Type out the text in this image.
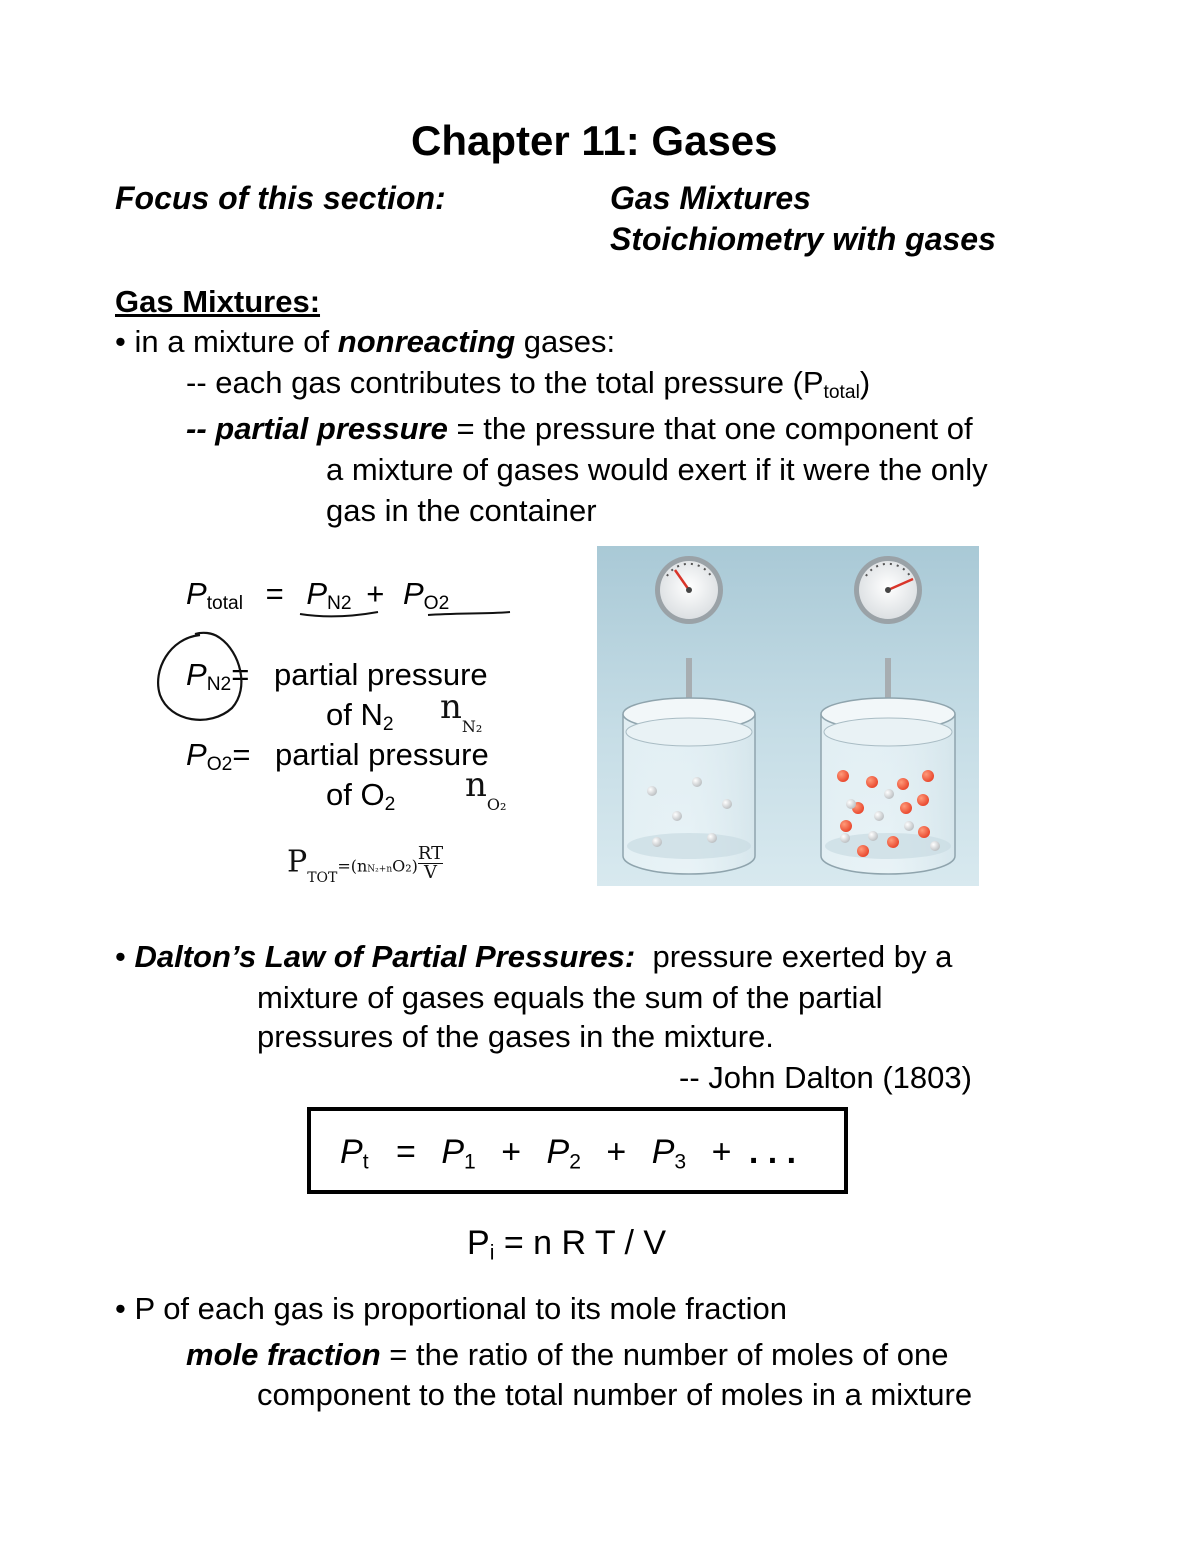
Chapter 11: Gases
Focus of this section:	Gas Mixtures
Stoichiometry with gases
Gas Mixtures:
• in a mixture of nonreacting gases:
-- each gas contributes to the total pressure $(P_{total})$
-- partial pressure = the pressure that one component of
a mixture of gases would exert if it were the only
gas in the container
$P_{total} = P_{N2} + P_{O2}$
$P_{N2}=$ partial pressure
of $N_2$
$P_{O2}=$ partial pressure
of $O_2$
$n_{N_2}$
$n_{O_2}$
$P_{TOT}=(nN_2+nO_2) \frac{RT}{V}$
• Dalton’s Law of Partial Pressures:  pressure exerted by a
mixture of gases equals the sum of the partial
pressures of the gases in the mixture.
-- John Dalton (1803)
$P_t = P_1 + P_2 + P_3$ + . . .
$P_i = n$ R T / V
• P of each gas is proportional to its mole fraction
mole fraction = the ratio of the number of moles of one
component to the total number of moles in a mixture
